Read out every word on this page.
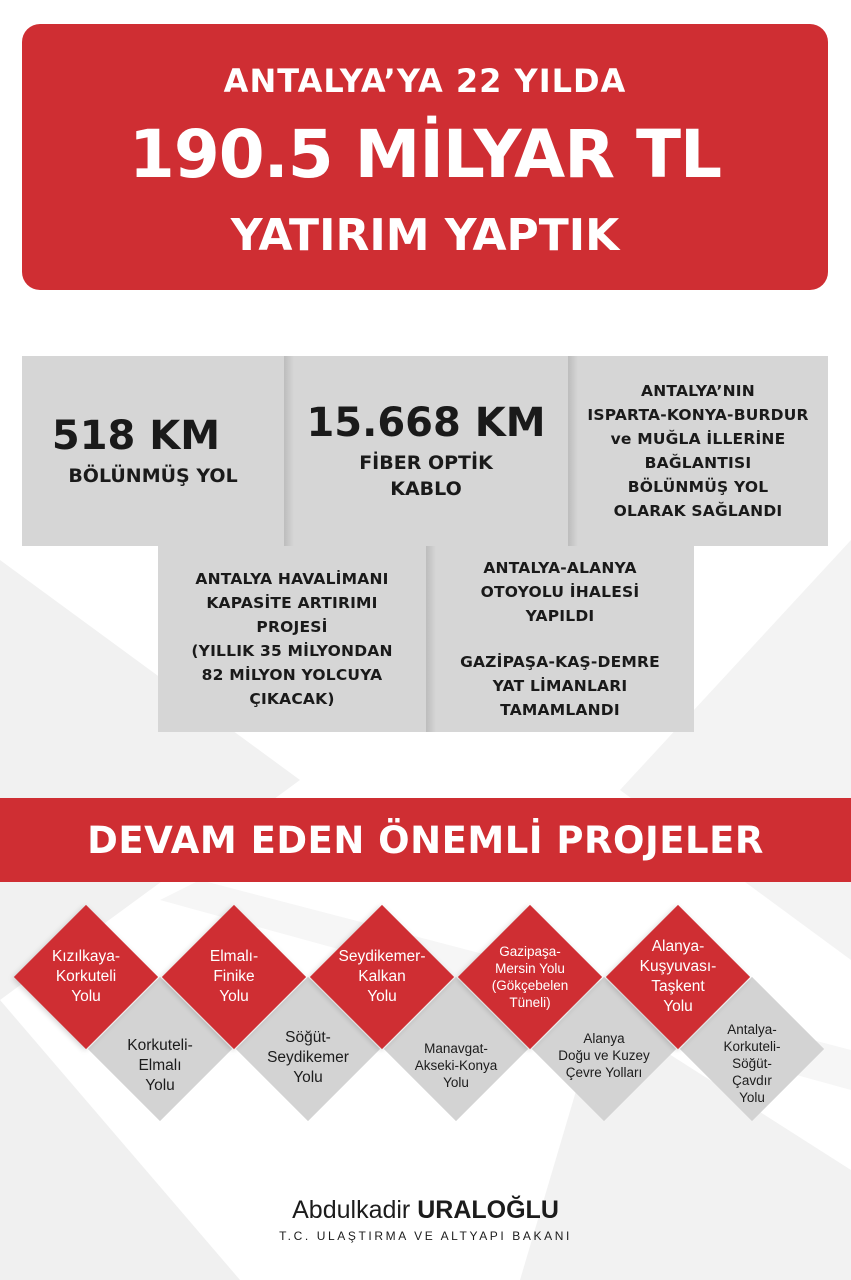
ANTALYA’YA 22 YILDA
190.5 MİLYAR TL
YATIRIM YAPTIK
518 KM
BÖLÜNMÜŞ YOL
15.668 KM
FİBER OPTİK
KABLO
ANTALYA’NIN
ISPARTA-KONYA-BURDUR
ve MUĞLA İLLERİNE
BAĞLANTISI
BÖLÜNMÜŞ YOL
OLARAK SAĞLANDI
ANTALYA HAVALİMANI
KAPASİTE ARTIRIMI
PROJESİ
(YILLIK 35 MİLYONDAN
82 MİLYON YOLCUYA
ÇIKACAK)
ANTALYA-ALANYA
OTOYOLU İHALESİ
YAPILDI
GAZİPAŞA-KAŞ-DEMRE
YAT LİMANLARI
TAMAMLANDI
DEVAM EDEN ÖNEMLİ PROJELER
Kızılkaya-
Korkuteli
Yolu
Elmalı-
Finike
Yolu
Seydikemer-
Kalkan
Yolu
Gazipaşa-
Mersin Yolu
(Gökçebelen
Tüneli)
Alanya-
Kuşyuvası-
Taşkent
Yolu
Korkuteli-
Elmalı
Yolu
Söğüt-
Seydikemer
Yolu
Manavgat-
Akseki-Konya
Yolu
Alanya
Doğu ve Kuzey
Çevre Yolları
Antalya-
Korkuteli-
Söğüt-
Çavdır
Yolu
Abdulkadir URALOĞLU
T.C. ULAŞTIRMA VE ALTYAPI BAKANI
